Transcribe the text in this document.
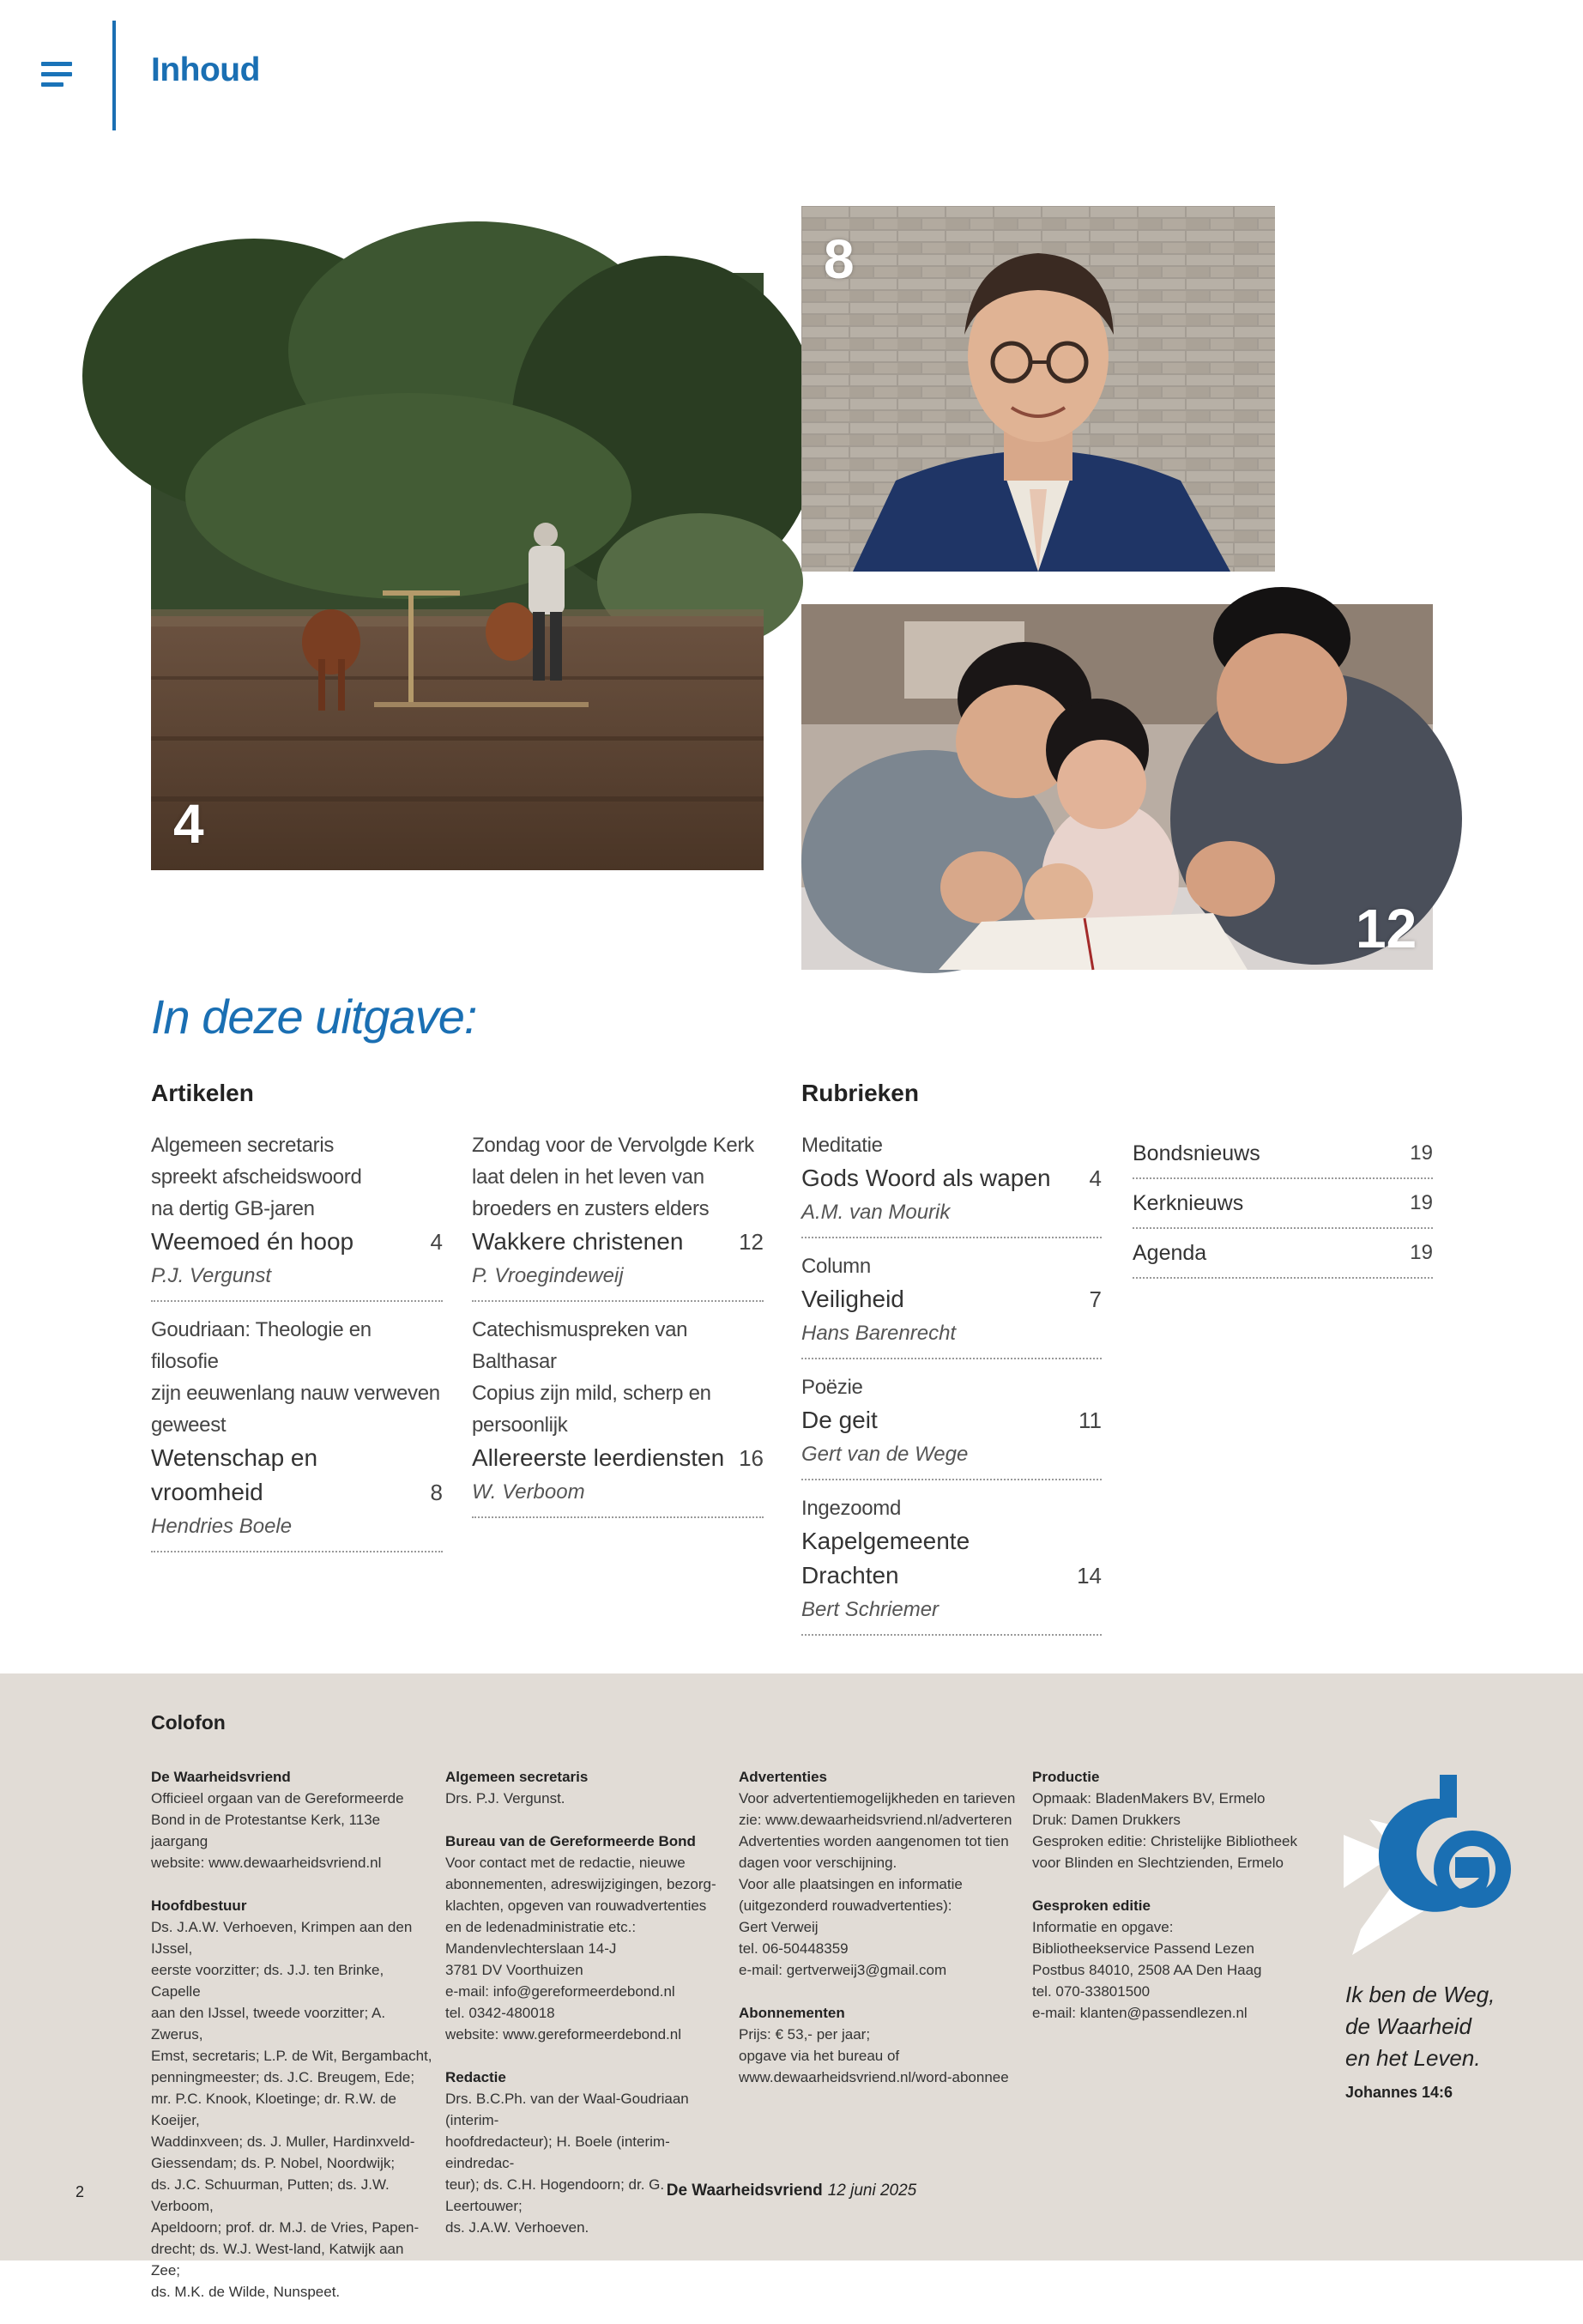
Inhoud
4
8
12
In deze uitgave:
Artikelen	Rubrieken
Algemeen secretaris
spreekt afscheidswoord
na dertig GB-jaren
Weemoed én hoop	4
P.J. Vergunst
Goudriaan: Theologie en filosofie
zijn eeuwenlang nauw verweven
geweest
Wetenschap en
vroomheid	8
Hendries Boele
Zondag voor de Vervolgde Kerk
laat delen in het leven van
broeders en zusters elders
Wakkere christenen	12
P. Vroegindeweij
Catechismuspreken van Balthasar
Copius zijn mild, scherp en
persoonlijk
Allereerste leerdiensten 16
W. Verboom
Meditatie
Gods Woord als wapen	4
A.M. van Mourik
Column
Veiligheid	7
Hans Barenrecht
Poëzie
De geit	11
Gert van de Wege
Ingezoomd
Kapelgemeente Drachten	14
Bert Schriemer
Bondsnieuws	19
Kerknieuws	19
Agenda	19
Colofon
De Waarheidsvriend
Officieel orgaan van de Gereformeerde
Bond in de Protestantse Kerk, 113e jaargang
website: www.dewaarheidsvriend.nl
Hoofdbestuur
Ds. J.A.W. Verhoeven, Krimpen aan den IJssel,
eerste voorzitter; ds. J.J. ten Brinke, Capelle
aan den IJssel, tweede voorzitter; A. Zwerus,
Emst, secretaris; L.P. de Wit, Bergambacht,
penningmeester; ds. J.C. Breugem, Ede;
mr. P.C. Knook, Kloetinge; dr. R.W. de Koeijer,
Waddinxveen; ds. J. Muller, Hardinxveld-
Giessendam; ds. P. Nobel, Noordwijk;
ds. J.C. Schuurman, Putten; ds. J.W. Verboom,
Apeldoorn; prof. dr. M.J. de Vries, Papen-
drecht; ds. W.J. West-land, Katwijk aan Zee;
ds. M.K. de Wilde, Nunspeet.
Algemeen secretaris
Drs. P.J. Vergunst.
Bureau van de Gereformeerde Bond
Voor contact met de redactie, nieuwe
abonnementen, adreswijzigingen, bezorg-
klachten, opgeven van rouwadvertenties
en de ledenadministratie etc.:
Mandenvlechterslaan 14-J
3781 DV Voorthuizen
e-mail: info@gereformeerdebond.nl
tel. 0342-480018
website: www.gereformeerdebond.nl
Redactie
Drs. B.C.Ph. van der Waal-Goudriaan (interim-
hoofdredacteur); H. Boele (interim-eindredac-
teur); ds. C.H. Hogendoorn; dr. G. Leertouwer;
ds. J.A.W. Verhoeven.
Advertenties
Voor advertentiemogelijkheden en tarieven
zie: www.dewaarheidsvriend.nl/adverteren
Advertenties worden aangenomen tot tien
dagen voor verschijning.
Voor alle plaatsingen en informatie
(uitgezonderd rouwadvertenties):
Gert Verweij
tel. 06-50448359
e-mail: gertverweij3@gmail.com
Abonnementen
Prijs: € 53,- per jaar;
opgave via het bureau of
www.dewaarheidsvriend.nl/word-abonnee
Productie
Opmaak: BladenMakers BV, Ermelo
Druk: Damen Drukkers
Gesproken editie: Christelijke Bibliotheek
voor Blinden en Slechtzienden, Ermelo
Gesproken editie
Informatie en opgave:
Bibliotheekservice Passend Lezen
Postbus 84010, 2508 AA Den Haag
tel. 070-33801500
e-mail: klanten@passendlezen.nl
Ik ben de Weg,
de Waarheid
en het Leven.
Johannes 14:6
2	De Waarheidsvriend 12 juni 2025
